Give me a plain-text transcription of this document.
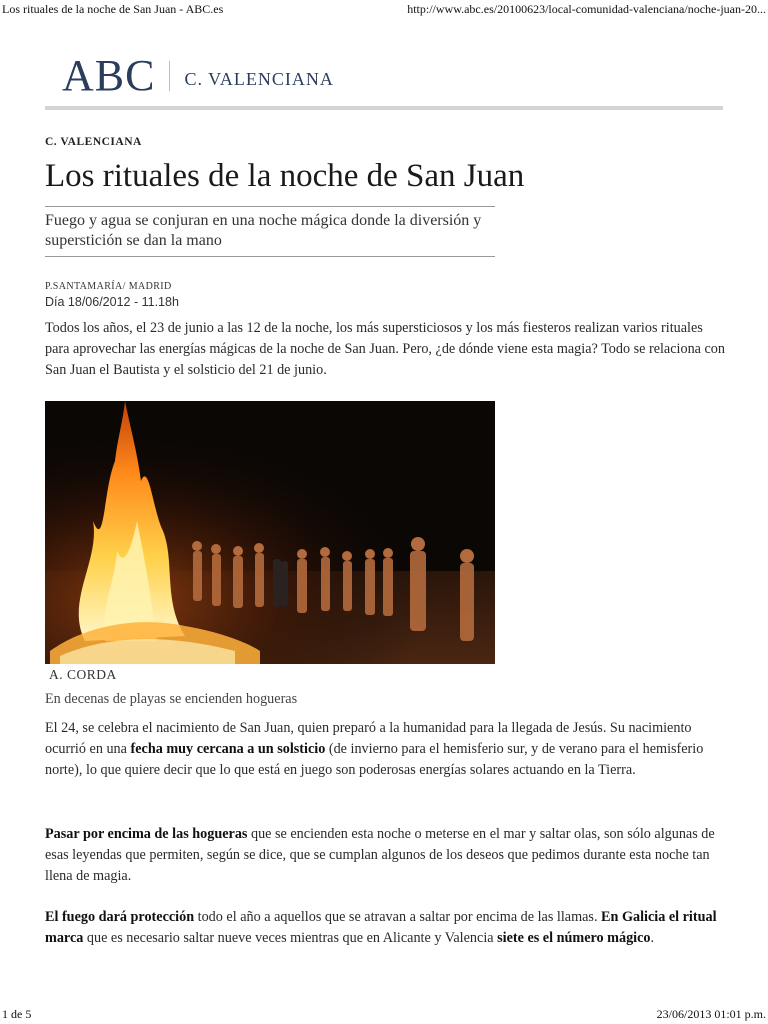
Los rituales de la noche de San Juan - ABC.es	http://www.abc.es/20100623/local-comunidad-valenciana/noche-juan-20...
ABC C. VALENCIANA
C. VALENCIANA
Los rituales de la noche de San Juan
Fuego y agua se conjuran en una noche mágica donde la diversión y superstición se dan la mano
P.SANTAMARÍA/ MADRID
Día 18/06/2012 - 11.18h

Todos los años, el 23 de junio a las 12 de la noche, los más supersticiosos y los más fiesteros realizan varios rituales para aprovechar las energías mágicas de la noche de San Juan. Pero, ¿de dónde viene esta magia? Todo se relaciona con San Juan el Bautista y el solsticio del 21 de junio.

A. CORDA
En decenas de playas se encienden hogueras

El 24, se celebra el nacimiento de San Juan, quien preparó a la humanidad para la llegada de Jesús. Su nacimiento ocurrió en una fecha muy cercana a un solsticio (de invierno para el hemisferio sur, y de verano para el hemisferio norte), lo que quiere decir que lo que está en juego son poderosas energías solares actuando en la Tierra.

Pasar por encima de las hogueras que se encienden esta noche o meterse en el mar y saltar olas, son sólo algunas de esas leyendas que permiten, según se dice, que se cumplan algunos de los deseos que pedimos durante esta noche tan llena de magia.

El fuego dará protección todo el año a aquellos que se atravan a saltar por encima de las llamas. En Galicia el ritual marca que es necesario saltar nueve veces mientras que en Alicante y Valencia siete es el número mágico.

1 de 5	23/06/2013 01:01 p.m.
